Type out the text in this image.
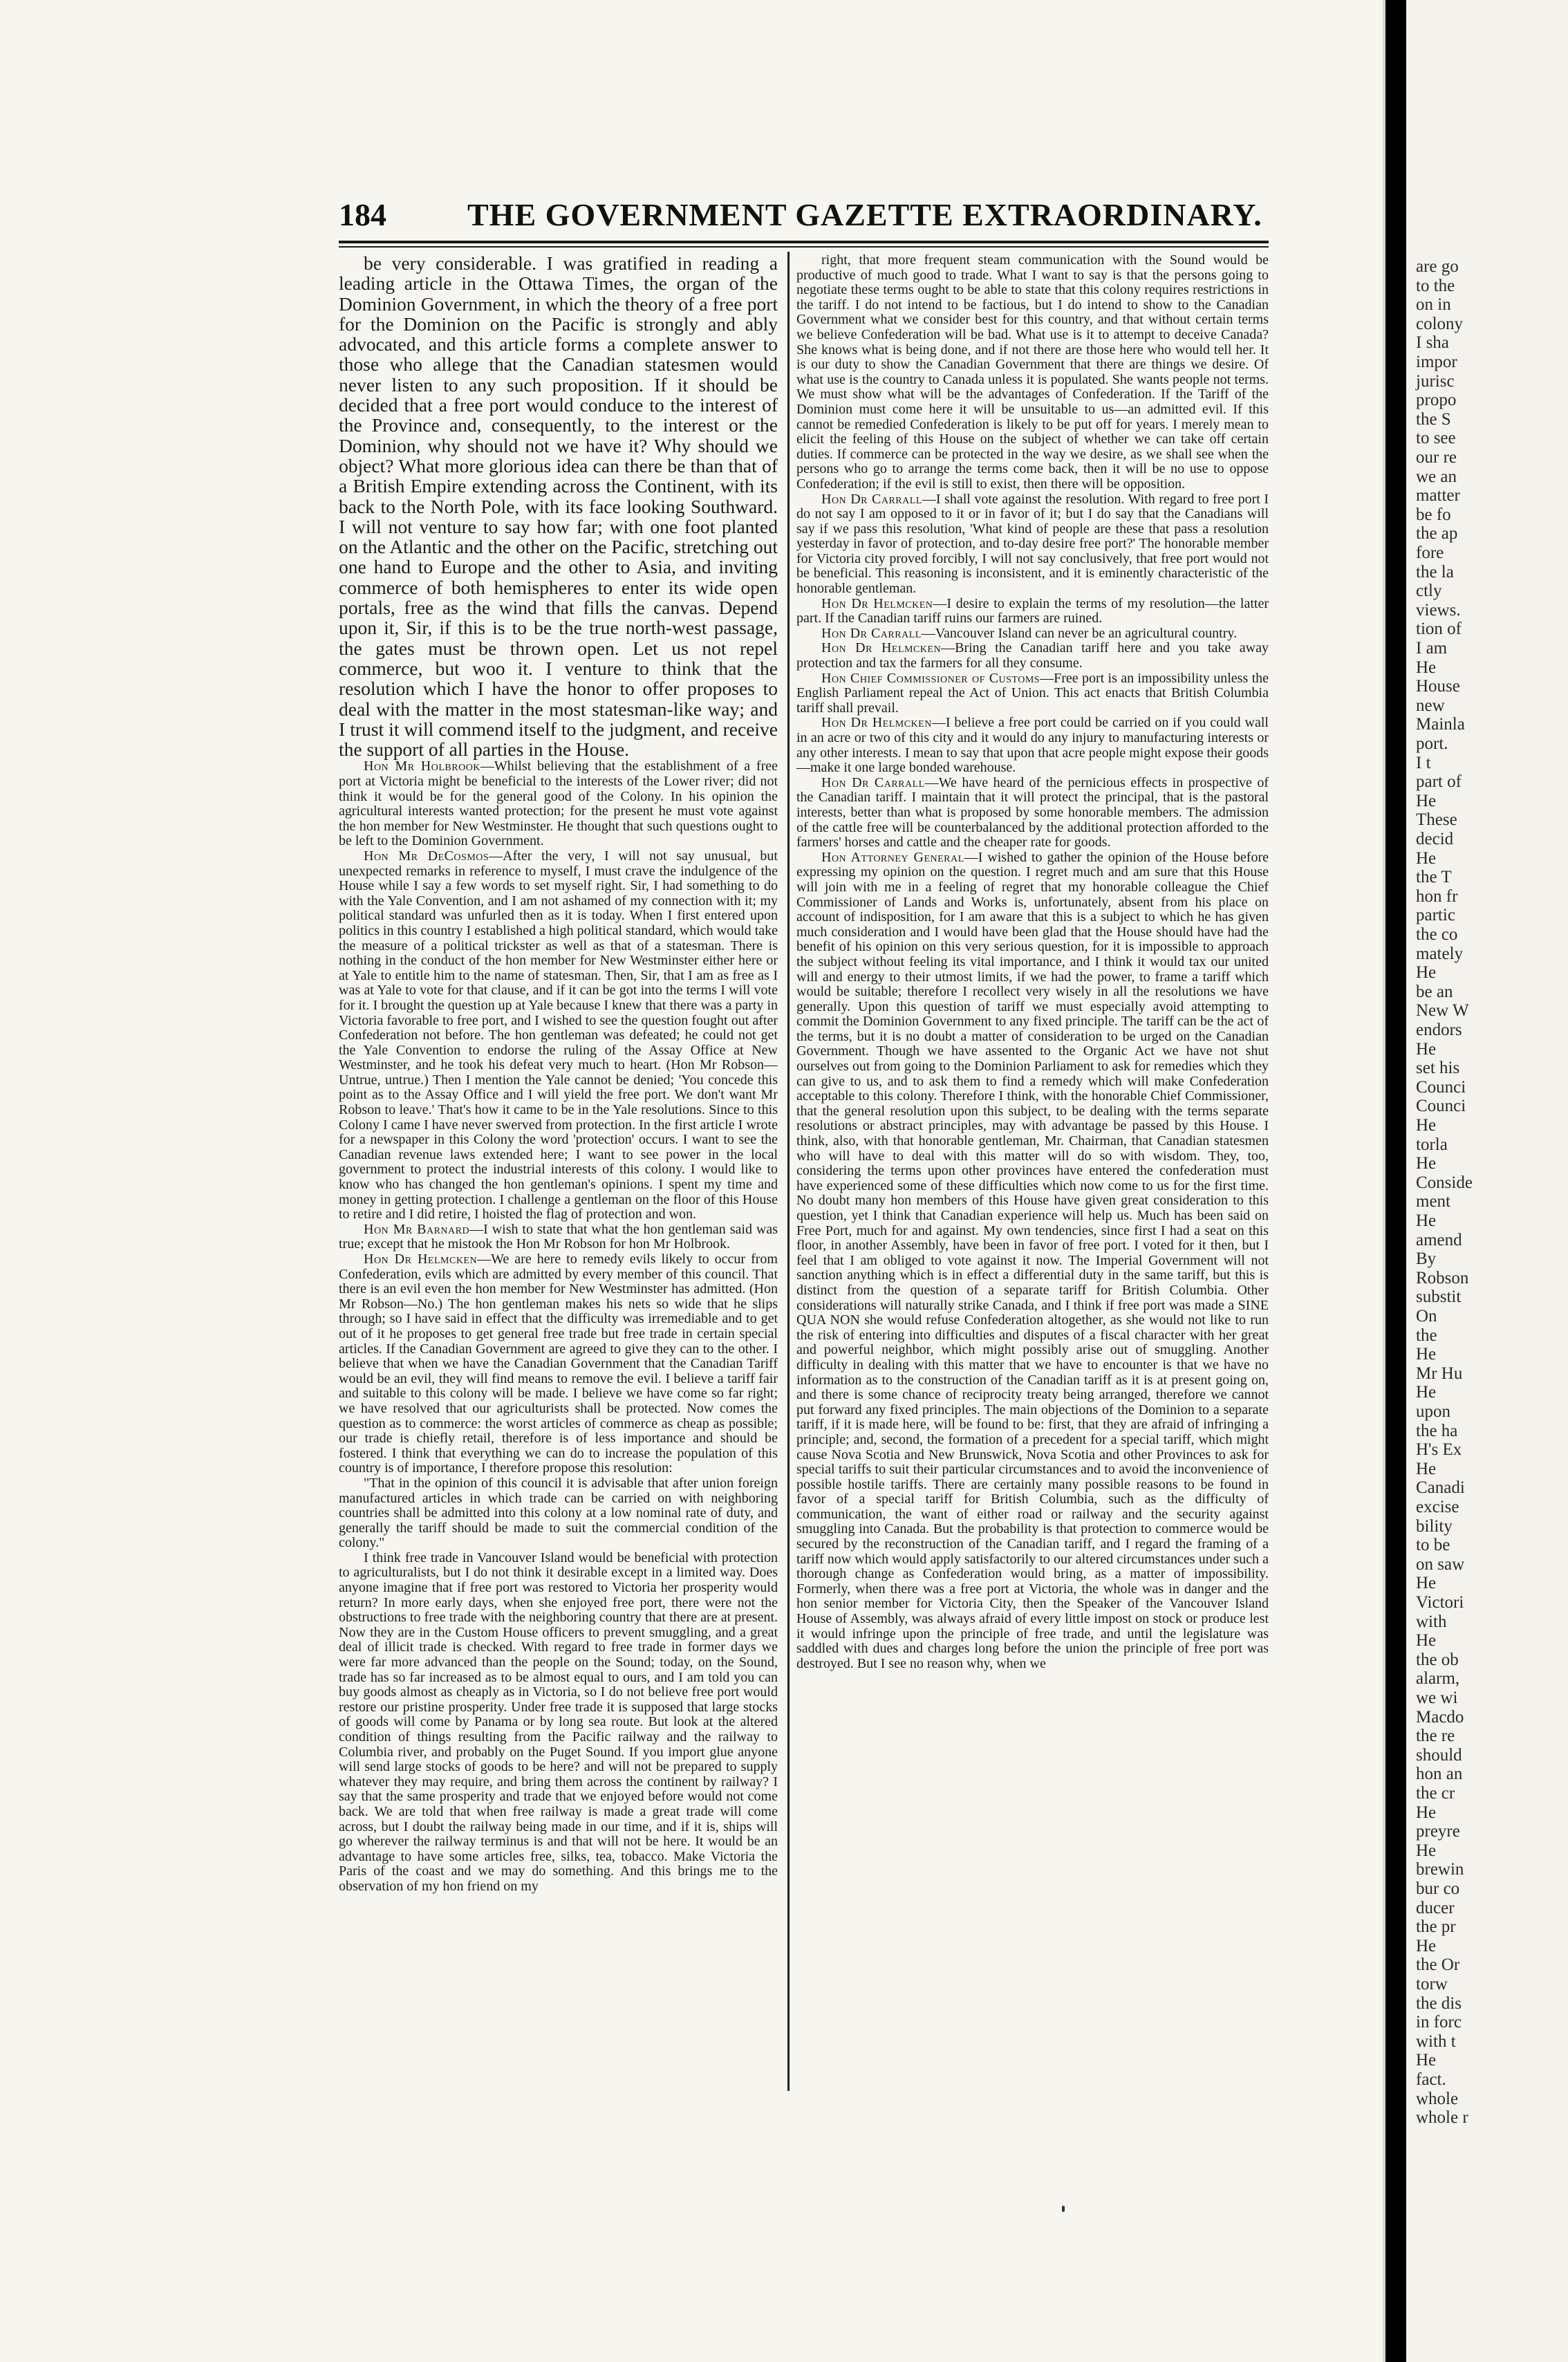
184	THE GOVERNMENT GAZETTE EXTRAORDINARY.

be very considerable. I was gratified in reading a leading article in the Ottawa Times, the organ of the Dominion Government, in which the theory of a free port for the Dominion on the Pacific is strongly and ably advocated, and this article forms a complete answer to those who allege that the Canadian statesmen would never listen to any such proposition. If it should be decided that a free port would conduce to the interest of the Province and, consequently, to the interest or the Dominion, why should not we have it? Why should we object? What more glorious idea can there be than that of a British Empire extending across the Continent, with its back to the North Pole, with its face looking Southward. I will not venture to say how far; with one foot planted on the Atlantic and the other on the Pacific, stretching out one hand to Europe and the other to Asia, and inviting commerce of both hemispheres to enter its wide open portals, free as the wind that fills the canvas. Depend upon it, Sir, if this is to be the true north-west passage, the gates must be thrown open. Let us not repel commerce, but woo it. I venture to think that the resolution which I have the honor to offer proposes to deal with the matter in the most statesman-like way; and I trust it will commend itself to the judgment, and receive the support of all parties in the House.

Hon Mr Holbrook—Whilst believing that the establishment of a free port at Victoria might be beneficial to the interests of the Lower river; did not think it would be for the general good of the Colony. In his opinion the agricultural interests wanted protection; for the present he must vote against the hon member for New Westminster. He thought that such questions ought to be left to the Dominion Government.

Hon Mr DeCosmos—After the very, I will not say unusual, but unexpected remarks in reference to myself, I must crave the indulgence of the House while I say a few words to set myself right. Sir, I had something to do with the Yale Convention, and I am not ashamed of my connection with it; my political standard was unfurled then as it is today. When I first entered upon politics in this country I established a high political standard, which would take the measure of a political trickster as well as that of a statesman. There is nothing in the conduct of the hon member for New Westminster either here or at Yale to entitle him to the name of statesman. Then, Sir, that I am as free as I was at Yale to vote for that clause, and if it can be got into the terms I will vote for it. I brought the question up at Yale because I knew that there was a party in Victoria favorable to free port, and I wished to see the question fought out after Confederation not before. The hon gentleman was defeated; he could not get the Yale Convention to endorse the ruling of the Assay Office at New Westminster, and he took his defeat very much to heart. (Hon Mr Robson—Untrue, untrue.) Then I mention the Yale cannot be denied; 'You concede this point as to the Assay Office and I will yield the free port. We don't want Mr Robson to leave.' That's how it came to be in the Yale resolutions. Since to this Colony I came I have never swerved from protection. In the first article I wrote for a newspaper in this Colony the word 'protection' occurs. I want to see the Canadian revenue laws extended here; I want to see power in the local government to protect the industrial interests of this colony. I would like to know who has changed the hon gentleman's opinions. I spent my time and money in getting protection. I challenge a gentleman on the floor of this House to retire and I did retire, I hoisted the flag of protection and won.

Hon Mr Barnard—I wish to state that what the hon gentleman said was true; except that he mistook the Hon Mr Robson for hon Mr Holbrook.

Hon Dr Helmcken—We are here to remedy evils likely to occur from Confederation, evils which are admitted by every member of this council. That there is an evil even the hon member for New Westminster has admitted. (Hon Mr Robson—No.) The hon gentleman makes his nets so wide that he slips through; so I have said in effect that the difficulty was irremediable and to get out of it he proposes to get general free trade but free trade in certain special articles. If the Canadian Government are agreed to give they can to the other. I believe that when we have the Canadian Government that the Canadian Tariff would be an evil, they will find means to remove the evil. I believe a tariff fair and suitable to this colony will be made. I believe we have come so far right; we have resolved that our agriculturists shall be protected. Now comes the question as to commerce: the worst articles of commerce as cheap as possible; our trade is chiefly retail, therefore is of less importance and should be fostered. I think that everything we can do to increase the population of this country is of importance, I therefore propose this resolution:

"That in the opinion of this council it is advisable that after union foreign manufactured articles in which trade can be carried on with neighboring countries shall be admitted into this colony at a low nominal rate of duty, and generally the tariff should be made to suit the commercial condition of the colony."

I think free trade in Vancouver Island would be beneficial with protection to agriculturalists, but I do not think it desirable except in a limited way. Does anyone imagine that if free port was restored to Victoria her prosperity would return? In more early days, when she enjoyed free port, there were not the obstructions to free trade with the neighboring country that there are at present. Now they are in the Custom House officers to prevent smuggling, and a great deal of illicit trade is checked. With regard to free trade in former days we were far more advanced than the people on the Sound; today, on the Sound, trade has so far increased as to be almost equal to ours, and I am told you can buy goods almost as cheaply as in Victoria, so I do not believe free port would restore our pristine prosperity. Under free trade it is supposed that large stocks of goods will come by Panama or by long sea route. But look at the altered condition of things resulting from the Pacific railway and the railway to Columbia river, and probably on the Puget Sound. If you import glue anyone will send large stocks of goods to be here? and will not be prepared to supply whatever they may require, and bring them across the continent by railway? I say that the same prosperity and trade that we enjoyed before would not come back. We are told that when free railway is made a great trade will come across, but I doubt the railway being made in our time, and if it is, ships will go wherever the railway terminus is and that will not be here. It would be an advantage to have some articles free, silks, tea, tobacco. Make Victoria the Paris of the coast and we may do something. And this brings me to the observation of my hon friend on my

right, that more frequent steam communication with the Sound would be productive of much good to trade. What I want to say is that the persons going to negotiate these terms ought to be able to state that this colony requires restrictions in the tariff. I do not intend to be factious, but I do intend to show to the Canadian Government what we consider best for this country, and that without certain terms we believe Confederation will be bad. What use is it to attempt to deceive Canada? She knows what is being done, and if not there are those here who would tell her. It is our duty to show the Canadian Government that there are things we desire. Of what use is the country to Canada unless it is populated. She wants people not terms. We must show what will be the advantages of Confederation. If the Tariff of the Dominion must come here it will be unsuitable to us—an admitted evil. If this cannot be remedied Confederation is likely to be put off for years. I merely mean to elicit the feeling of this House on the subject of whether we can take off certain duties. If commerce can be protected in the way we desire, as we shall see when the persons who go to arrange the terms come back, then it will be no use to oppose Confederation; if the evil is still to exist, then there will be opposition.

Hon Dr Carrall—I shall vote against the resolution. With regard to free port I do not say I am opposed to it or in favor of it; but I do say that the Canadians will say if we pass this resolution, 'What kind of people are these that pass a resolution yesterday in favor of protection, and to-day desire free port?' The honorable member for Victoria city proved forcibly, I will not say conclusively, that free port would not be beneficial. This reasoning is inconsistent, and it is eminently characteristic of the honorable gentleman.

Hon Dr Helmcken—I desire to explain the terms of my resolution—the latter part. If the Canadian tariff ruins our farmers are ruined.

Hon Dr Carrall—Vancouver Island can never be an agricultural country.

Hon Dr Helmcken—Bring the Canadian tariff here and you take away protection and tax the farmers for all they consume.

Hon Chief Commissioner of Customs—Free port is an impossibility unless the English Parliament repeal the Act of Union. This act enacts that British Columbia tariff shall prevail.

Hon Dr Helmcken—I believe a free port could be carried on if you could wall in an acre or two of this city and it would do any injury to manufacturing interests or any other interests. I mean to say that upon that acre people might expose their goods—make it one large bonded warehouse.

Hon Dr Carrall—We have heard of the pernicious effects in prospective of the Canadian tariff. I maintain that it will protect the principal, that is the pastoral interests, better than what is proposed by some honorable members. The admission of the cattle free will be counterbalanced by the additional protection afforded to the farmers' horses and cattle and the cheaper rate for goods.

Hon Attorney General—I wished to gather the opinion of the House before expressing my opinion on the question. I regret much and am sure that this House will join with me in a feeling of regret that my honorable colleague the Chief Commissioner of Lands and Works is, unfortunately, absent from his place on account of indisposition, for I am aware that this is a subject to which he has given much consideration and I would have been glad that the House should have had the benefit of his opinion on this very serious question, for it is impossible to approach the subject without feeling its vital importance, and I think it would tax our united will and energy to their utmost limits, if we had the power, to frame a tariff which would be suitable; therefore I recollect very wisely in all the resolutions we have generally. Upon this question of tariff we must especially avoid attempting to commit the Dominion Government to any fixed principle. The tariff can be the act of the terms, but it is no doubt a matter of consideration to be urged on the Canadian Government. Though we have assented to the Organic Act we have not shut ourselves out from going to the Dominion Parliament to ask for remedies which they can give to us, and to ask them to find a remedy which will make Confederation acceptable to this colony. Therefore I think, with the honorable Chief Commissioner, that the general resolution upon this subject, to be dealing with the terms separate resolutions or abstract principles, may with advantage be passed by this House. I think, also, with that honorable gentleman, Mr. Chairman, that Canadian statesmen who will have to deal with this matter will do so with wisdom. They, too, considering the terms upon other provinces have entered the confederation must have experienced some of these difficulties which now come to us for the first time. No doubt many hon members of this House have given great consideration to this question, yet I think that Canadian experience will help us. Much has been said on Free Port, much for and against. My own tendencies, since first I had a seat on this floor, in another Assembly, have been in favor of free port. I voted for it then, but I feel that I am obliged to vote against it now. The Imperial Government will not sanction anything which is in effect a differential duty in the same tariff, but this is distinct from the question of a separate tariff for British Columbia. Other considerations will naturally strike Canada, and I think if free port was made a SINE QUA NON she would refuse Confederation altogether, as she would not like to run the risk of entering into difficulties and disputes of a fiscal character with her great and powerful neighbor, which might possibly arise out of smuggling. Another difficulty in dealing with this matter that we have to encounter is that we have no information as to the construction of the Canadian tariff as it is at present going on, and there is some chance of reciprocity treaty being arranged, therefore we cannot put forward any fixed principles. The main objections of the Dominion to a separate tariff, if it is made here, will be found to be: first, that they are afraid of infringing a principle; and, second, the formation of a precedent for a special tariff, which might cause Nova Scotia and New Brunswick, Nova Scotia and other Provinces to ask for special tariffs to suit their particular circumstances and to avoid the inconvenience of possible hostile tariffs. There are certainly many possible reasons to be found in favor of a special tariff for British Columbia, such as the difficulty of communication, the want of either road or railway and the security against smuggling into Canada. But the probability is that protection to commerce would be secured by the reconstruction of the Canadian tariff, and I regard the framing of a tariff now which would apply satisfactorily to our altered circumstances under such a thorough change as Confederation would bring, as a matter of impossibility. Formerly, when there was a free port at Victoria, the whole was in danger and the hon senior member for Victoria City, then the Speaker of the Vancouver Island House of Assembly, was always afraid of every little impost on stock or produce lest it would infringe upon the principle of free trade, and until the legislature was saddled with dues and charges long before the union the principle of free port was destroyed. But I see no reason why, when we

are go
to the
on in
colony
I sha
impor
jurisc
propo
the S
to see
our re
we an
matter
be fo
the ap
fore
the la
ctly
views.
tion of
I am
He
House
new
Mainla
port.
I t
part of
He
These
decid
He
the T
hon fr
partic
the co
mately
He
be an
New W
endors
He
set his
Counci
Counci
He
torla
He
Conside
ment
He
amend
By
Robson
substit
On
the
He
Mr Hu
He
upon
the ha
H's Ex
He
Canadi
excise
bility
to be
on saw
He
Victori
with
He
the ob
alarm,
we wi
Macdo
the re
should
hon an
the cr
He
preyre
He
brewin
bur co
ducer
the pr
He
the Or
torw
the dis
in forc
with t
He
fact.
whole
whole r
